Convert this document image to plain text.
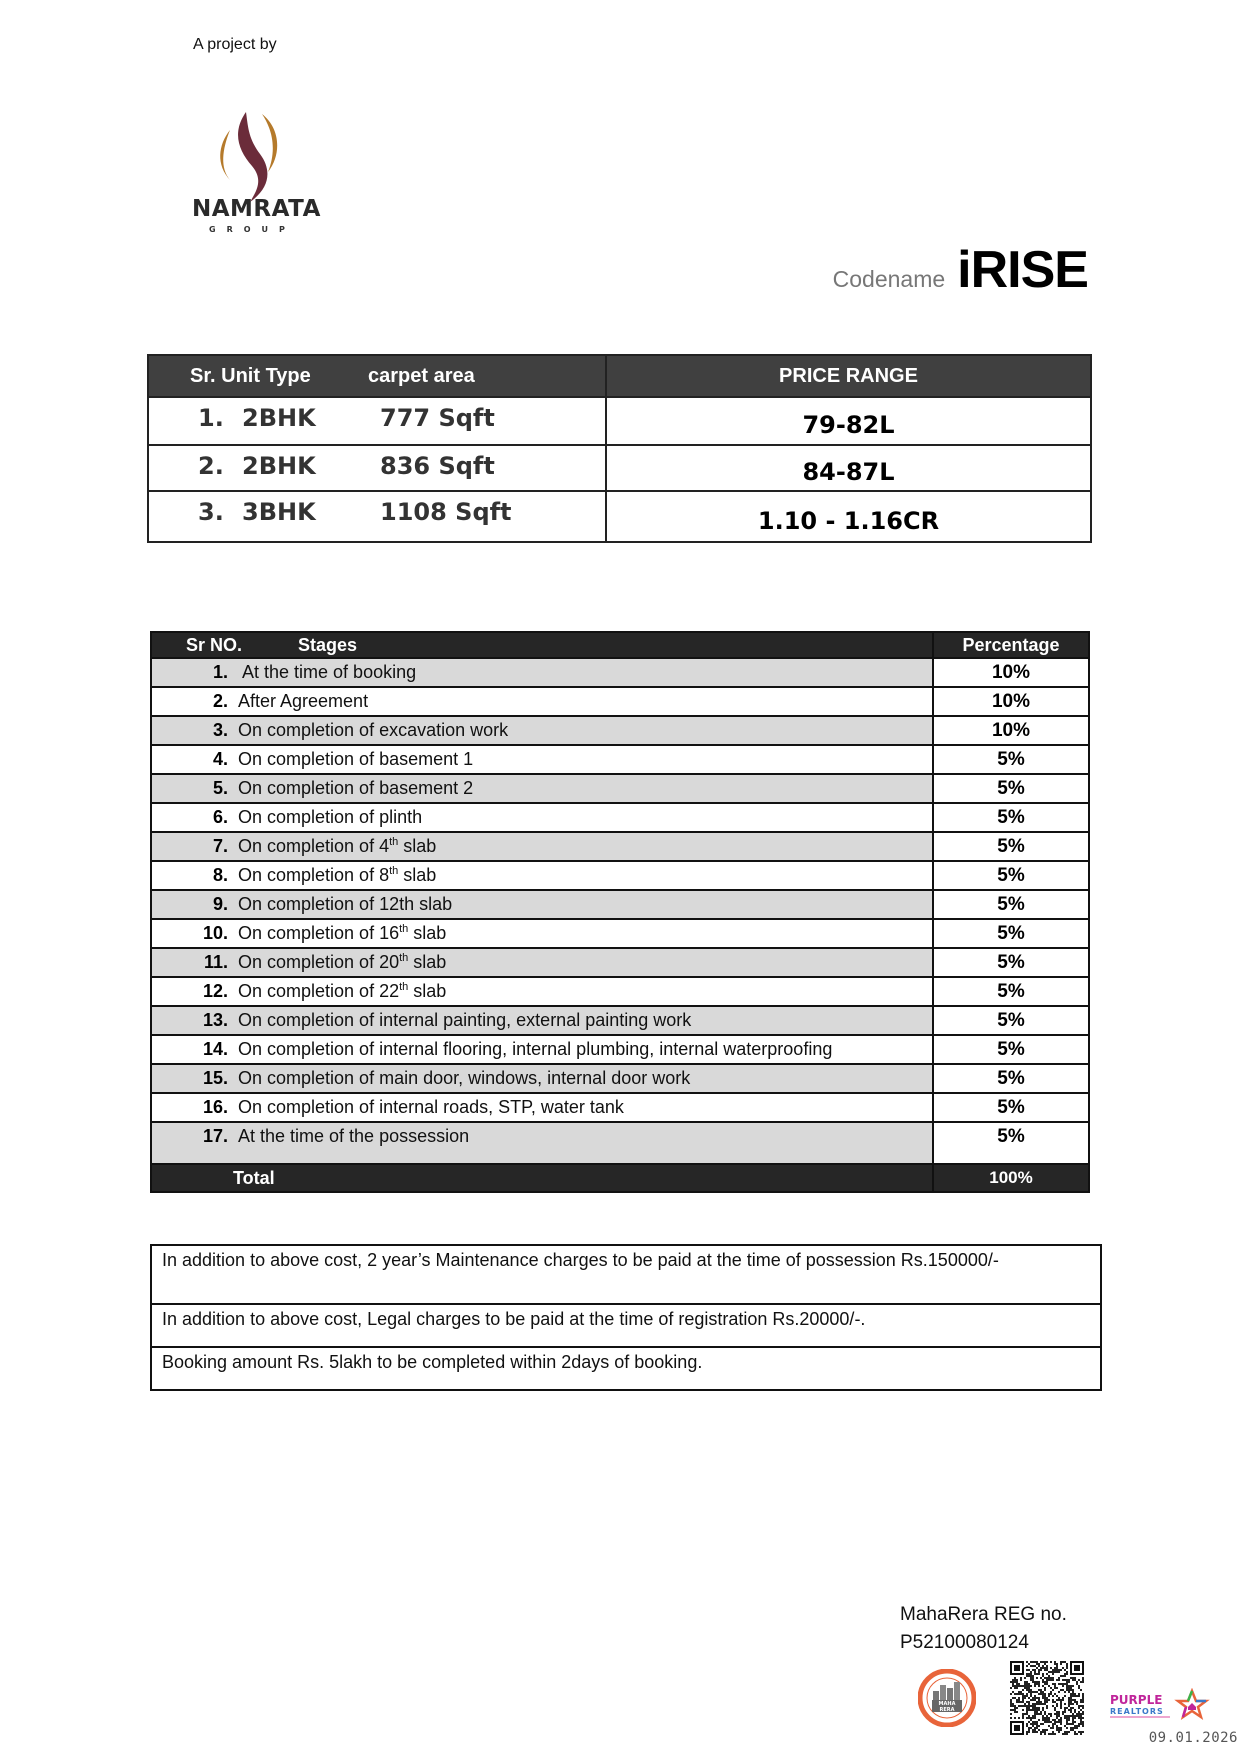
A project by
NAMRATA
GROUP
Codename iRISE
Sr. Unit Type	carpet area	PRICE RANGE
1. 2BHK	777 Sqft	79-82L
2. 2BHK	836 Sqft	84-87L
3. 3BHK	1108 Sqft	1.10 - 1.16CR
Sr NO.	Stages	Percentage
1. At the time of booking	10%
2. After Agreement	10%
3. On completion of excavation work	10%
4. On completion of basement 1	5%
5. On completion of basement 2	5%
6. On completion of plinth	5%
7. On completion of 4th slab	5%
8. On completion of 8th slab	5%
9. On completion of 12th slab	5%
10. On completion of 16th slab	5%
11. On completion of 20th slab	5%
12. On completion of 22th slab	5%
13. On completion of internal painting, external painting work	5%
14. On completion of internal flooring, internal plumbing, internal waterproofing	5%
15. On completion of main door, windows, internal door work	5%
16. On completion of internal roads, STP, water tank	5%
17. At the time of the possession	5%
Total	100%
In addition to above cost, 2 year’s Maintenance charges to be paid at the time of possession Rs.150000/-
In addition to above cost, Legal charges to be paid at the time of registration Rs.20000/-.
Booking amount Rs. 5lakh to be completed within 2days of booking.
MahaRera REG no.
P52100080124
MAHA
RERA
PURPLE
REALTORS
09.01.2026
